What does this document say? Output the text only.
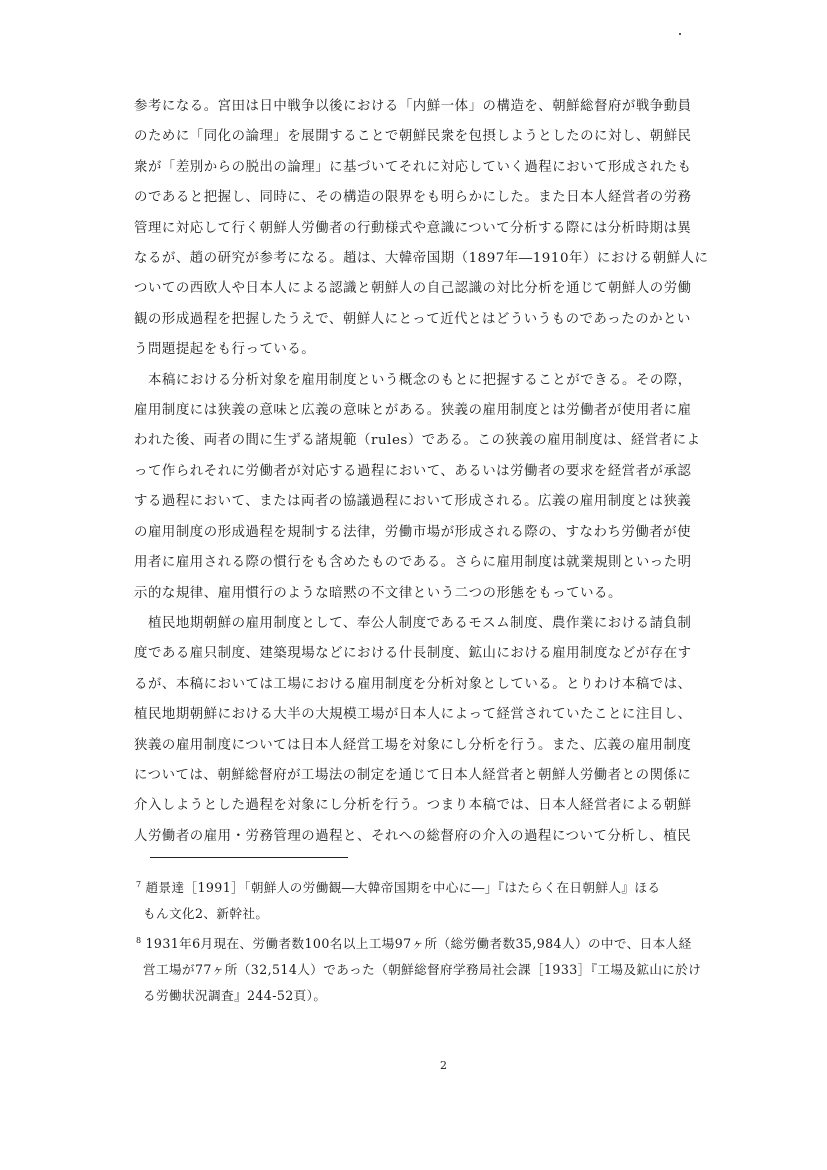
参考になる。宮田は日中戦争以後における「内鮮一体」の構造を、朝鮮総督府が戦争動員
のために「同化の論理」を展開することで朝鮮民衆を包摂しようとしたのに対し、朝鮮民
衆が「差別からの脱出の論理」に基づいてそれに対応していく過程において形成されたも
のであると把握し、同時に、その構造の限界をも明らかにした。また日本人経営者の労務
管理に対応して行く朝鮮人労働者の行動様式や意識について分析する際には分析時期は異
なるが、趙の研究が参考になる。趙は、大韓帝国期（1897年―1910年）における朝鮮人に
ついての西欧人や日本人による認識と朝鮮人の自己認識の対比分析を通じて朝鮮人の労働
観の形成過程を把握したうえで、朝鮮人にとって近代とはどういうものであったのかとい
う問題提起をも行っている。
本稿における分析対象を雇用制度という概念のもとに把握することができる。その際，
雇用制度には狭義の意味と広義の意味とがある。狭義の雇用制度とは労働者が使用者に雇
われた後、両者の間に生ずる諸規範（rules）である。この狭義の雇用制度は、経営者によ
って作られそれに労働者が対応する過程において、あるいは労働者の要求を経営者が承認
する過程において、または両者の協議過程において形成される。広義の雇用制度とは狭義
の雇用制度の形成過程を規制する法律，労働市場が形成される際の、すなわち労働者が使
用者に雇用される際の慣行をも含めたものである。さらに雇用制度は就業規則といった明
示的な規律、雇用慣行のような暗黙の不文律という二つの形態をもっている。
植民地期朝鮮の雇用制度として、奉公人制度であるモスム制度、農作業における請負制
度である雇只制度、建築現場などにおける什長制度、鉱山における雇用制度などが存在す
るが、本稿においては工場における雇用制度を分析対象としている。とりわけ本稿では、
植民地期朝鮮における大半の大規模工場が日本人によって経営されていたことに注目し、
狭義の雇用制度については日本人経営工場を対象にし分析を行う。また、広義の雇用制度
については、朝鮮総督府が工場法の制定を通じて日本人経営者と朝鮮人労働者との関係に
介入しようとした過程を対象にし分析を行う。つまり本稿では、日本人経営者による朝鮮
人労働者の雇用・労務管理の過程と、それへの総督府の介入の過程について分析し、植民
$^7$ 趙景達［1991］「朝鮮人の労働観―大韓帝国期を中心に―」『はたらく在日朝鮮人』ほる
もん文化2、新幹社。
$^8$ 1931年6月現在、労働者数100名以上工場97ヶ所（総労働者数35,984人）の中で、日本人経
営工場が77ヶ所（32,514人）であった（朝鮮総督府学務局社会課［1933］『工場及鉱山に於け
る労働状況調査』244-52頁）。
2
